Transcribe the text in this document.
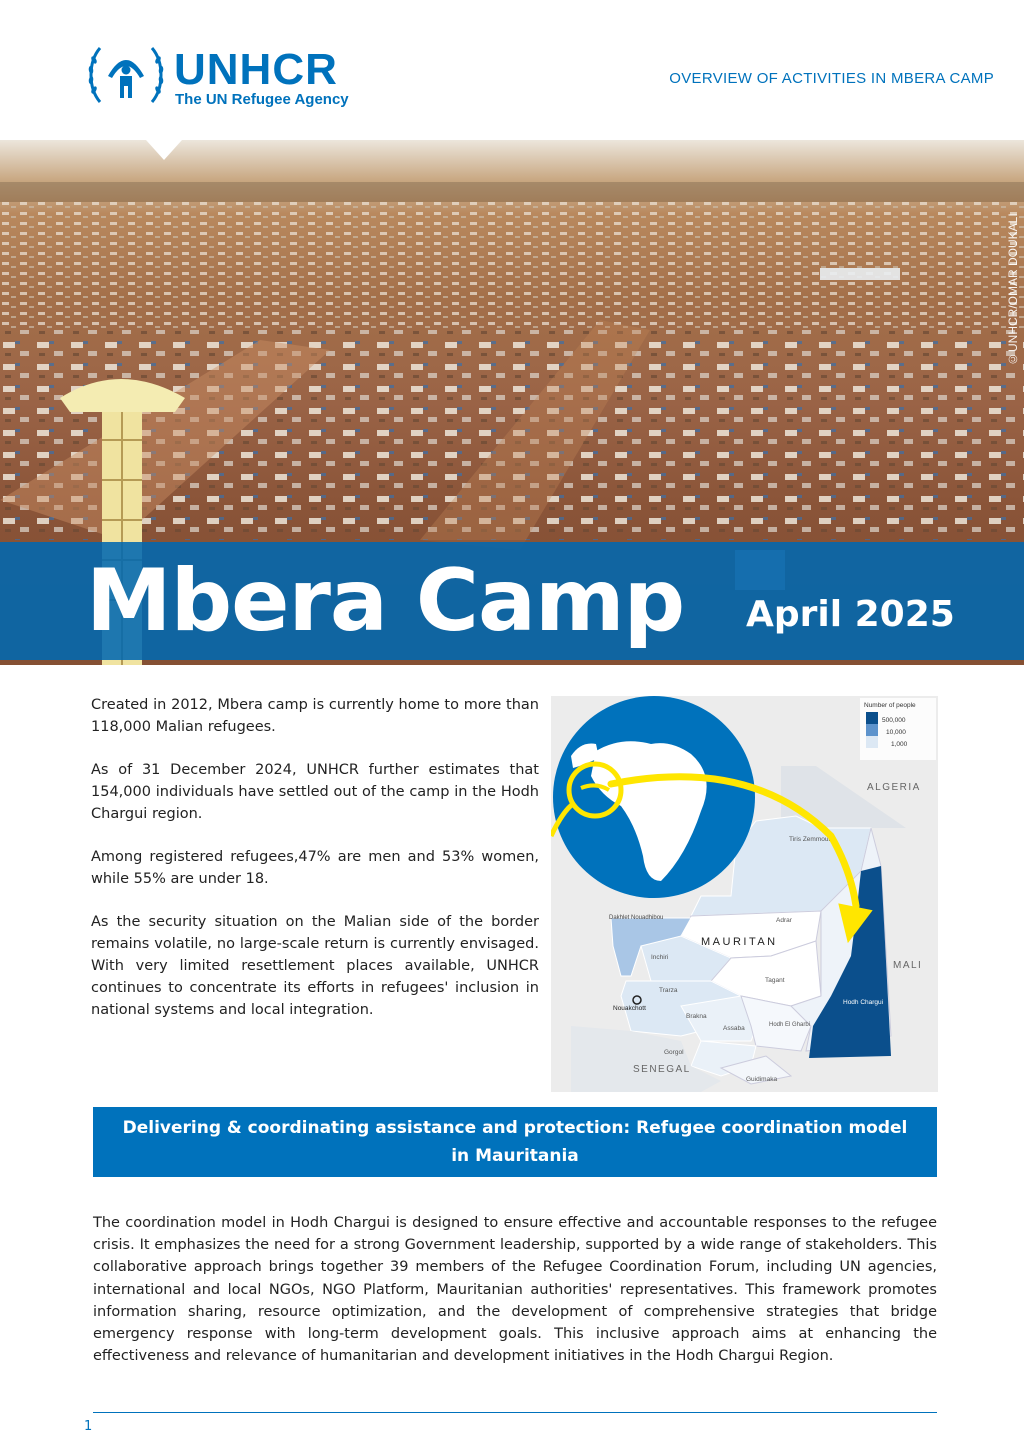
UNHCR
The UN Refugee Agency
OVERVIEW OF ACTIVITIES IN MBERA CAMP
©UNHCR/OMAR DOUKALI
Mbera Camp April 2025

Created in 2012, Mbera camp is currently home to more than 118,000 Malian refugees.

As of 31 December 2024, UNHCR further estimates that 154,000 individuals have settled out of the camp in the Hodh Chargui region.

Among registered refugees,47% are men and 53% women, while 55% are under 18.

As the security situation on the Malian side of the border remains volatile, no large-scale return is currently envisaged. With very limited resettlement places available, UNHCR continues to concentrate its efforts in refugees' inclusion in national systems and local integration.

Number of people
500,000
10,000
1,000
ALGERIA
MALI
SENEGAL
MAURITAN
Tiris Zemmour
Adrar
Dakhlet Nouadhibou
Inchiri
Tagant
Trarza
Brakna
Assaba	Hodh El Gharbi
Hodh Chargui
Gorgol
Guidimaka
Nouakchott
Delivering & coordinating assistance and protection: Refugee coordination model in Mauritania

The coordination model in Hodh Chargui is designed to ensure effective and accountable responses to the refugee crisis. It emphasizes the need for a strong Government leadership, supported by a wide range of stakeholders. This collaborative approach brings together 39 members of the Refugee Coordination Forum, including UN agencies, international and local NGOs, NGO Platform, Mauritanian authorities' representatives. This framework promotes information sharing, resource optimization, and the development of comprehensive strategies that bridge emergency response with long-term development goals. This inclusive approach aims at enhancing the effectiveness and relevance of humanitarian and development initiatives in the Hodh Chargui Region.

1
